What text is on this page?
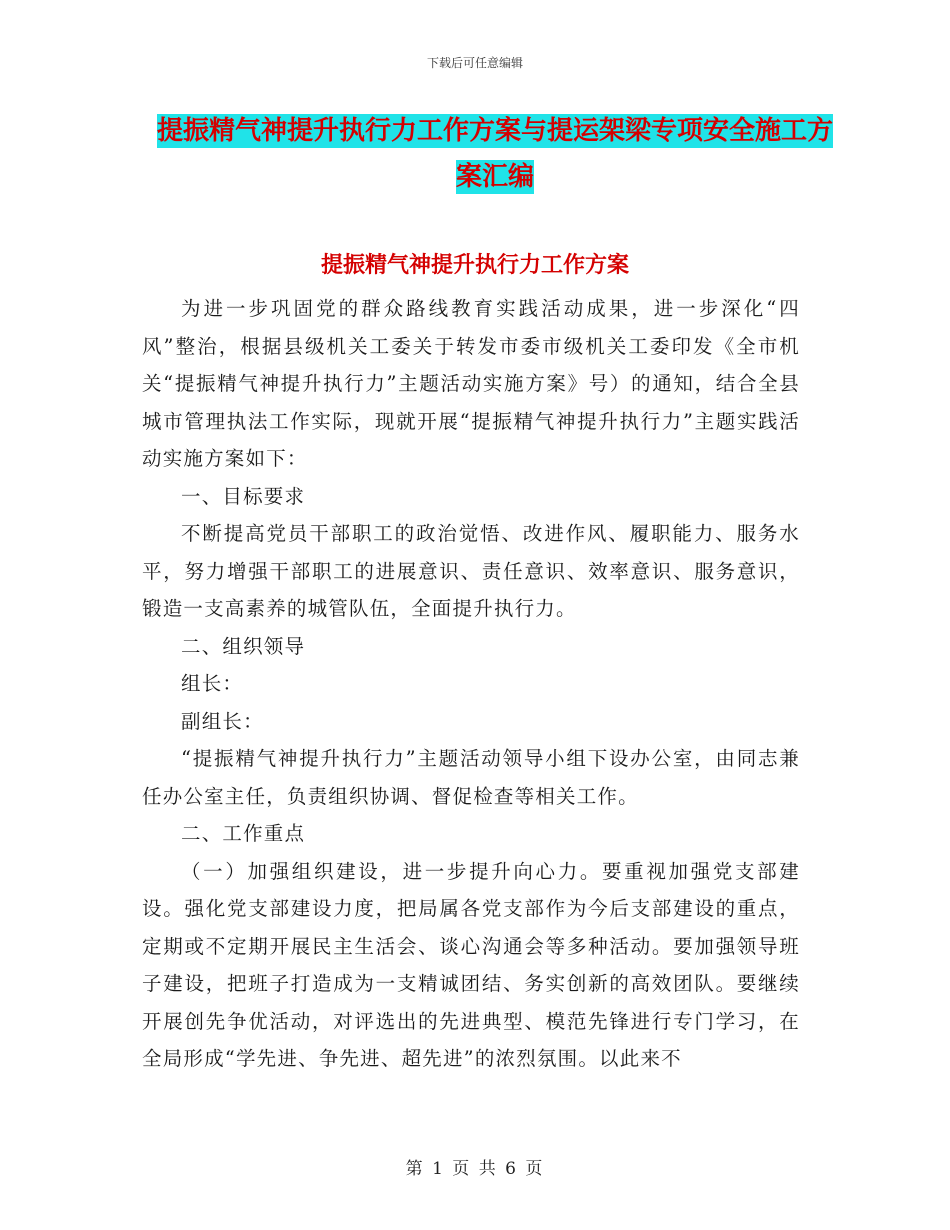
下载后可任意编辑
提振精气神提升执行力工作方案与提运架梁专项安全施工方案汇编
提振精气神提升执行力工作方案

为进一步巩固党的群众路线教育实践活动成果，进一步深化“四风”整治，根据县级机关工委关于转发市委市级机关工委印发《全市机关“提振精气神提升执行力”主题活动实施方案》号）的通知，结合全县城市管理执法工作实际，现就开展“提振精气神提升执行力”主题实践活动实施方案如下：

一、目标要求

不断提高党员干部职工的政治觉悟、改进作风、履职能力、服务水平，努力增强干部职工的进展意识、责任意识、效率意识、服务意识，锻造一支高素养的城管队伍，全面提升执行力。

二、组织领导

组长：

副组长：

“提振精气神提升执行力”主题活动领导小组下设办公室，由同志兼任办公室主任，负责组织协调、督促检查等相关工作。

二、工作重点

（一）加强组织建设，进一步提升向心力。要重视加强党支部建设。强化党支部建设力度，把局属各党支部作为今后支部建设的重点，定期或不定期开展民主生活会、谈心沟通会等多种活动。要加强领导班子建设，把班子打造成为一支精诚团结、务实创新的高效团队。要继续开展创先争优活动，对评选出的先进典型、模范先锋进行专门学习，在全局形成“学先进、争先进、超先进”的浓烈氛围。以此来不

第 1 页 共 6 页
